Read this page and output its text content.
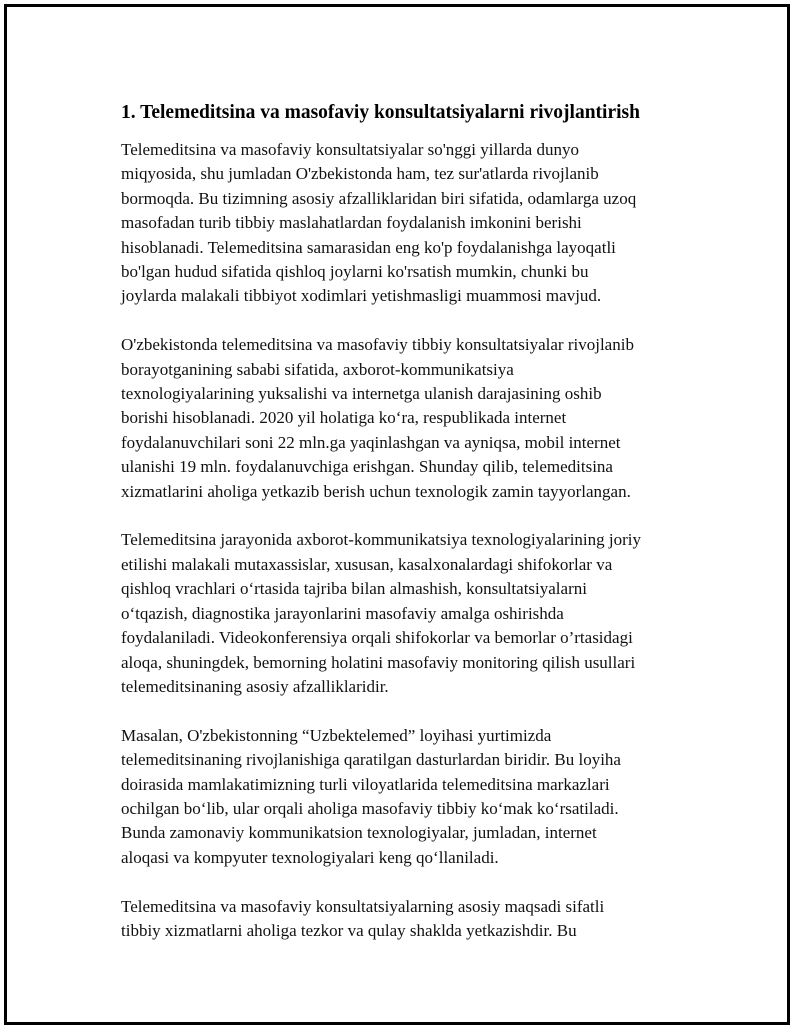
1. Telemeditsina va masofaviy konsultatsiyalarni rivojlantirish
Telemeditsina va masofaviy konsultatsiyalar so'nggi yillarda dunyo
miqyosida, shu jumladan O'zbekistonda ham, tez sur'atlarda rivojlanib
bormoqda. Bu tizimning asosiy afzalliklaridan biri sifatida, odamlarga uzoq
masofadan turib tibbiy maslahatlardan foydalanish imkonini berishi
hisoblanadi. Telemeditsina samarasidan eng ko'p foydalanishga layoqatli
bo'lgan hudud sifatida qishloq joylarni ko'rsatish mumkin, chunki bu
joylarda malakali tibbiyot xodimlari yetishmasligi muammosi mavjud.
O'zbekistonda telemeditsina va masofaviy tibbiy konsultatsiyalar rivojlanib
borayotganining sababi sifatida, axborot-kommunikatsiya
texnologiyalarining yuksalishi va internetga ulanish darajasining oshib
borishi hisoblanadi. 2020 yil holatiga ko‘ra, respublikada internet
foydalanuvchilari soni 22 mln.ga yaqinlashgan va ayniqsa, mobil internet
ulanishi 19 mln. foydalanuvchiga erishgan. Shunday qilib, telemeditsina
xizmatlarini aholiga yetkazib berish uchun texnologik zamin tayyorlangan.
Telemeditsina jarayonida axborot-kommunikatsiya texnologiyalarining joriy
etilishi malakali mutaxassislar, xususan, kasalxonalardagi shifokorlar va
qishloq vrachlari o‘rtasida tajriba bilan almashish, konsultatsiyalarni
o‘tqazish, diagnostika jarayonlarini masofaviy amalga oshirishda
foydalaniladi. Videokonferensiya orqali shifokorlar va bemorlar o’rtasidagi
aloqa, shuningdek, bemorning holatini masofaviy monitoring qilish usullari
telemeditsinaning asosiy afzalliklaridir.
Masalan, O'zbekistonning “Uzbektelemed” loyihasi yurtimizda
telemeditsinaning rivojlanishiga qaratilgan dasturlardan biridir. Bu loyiha
doirasida mamlakatimizning turli viloyatlarida telemeditsina markazlari
ochilgan bo‘lib, ular orqali aholiga masofaviy tibbiy ko‘mak ko‘rsatiladi.
Bunda zamonaviy kommunikatsion texnologiyalar, jumladan, internet
aloqasi va kompyuter texnologiyalari keng qo‘llaniladi.
Telemeditsina va masofaviy konsultatsiyalarning asosiy maqsadi sifatli
tibbiy xizmatlarni aholiga tezkor va qulay shaklda yetkazishdir. Bu
